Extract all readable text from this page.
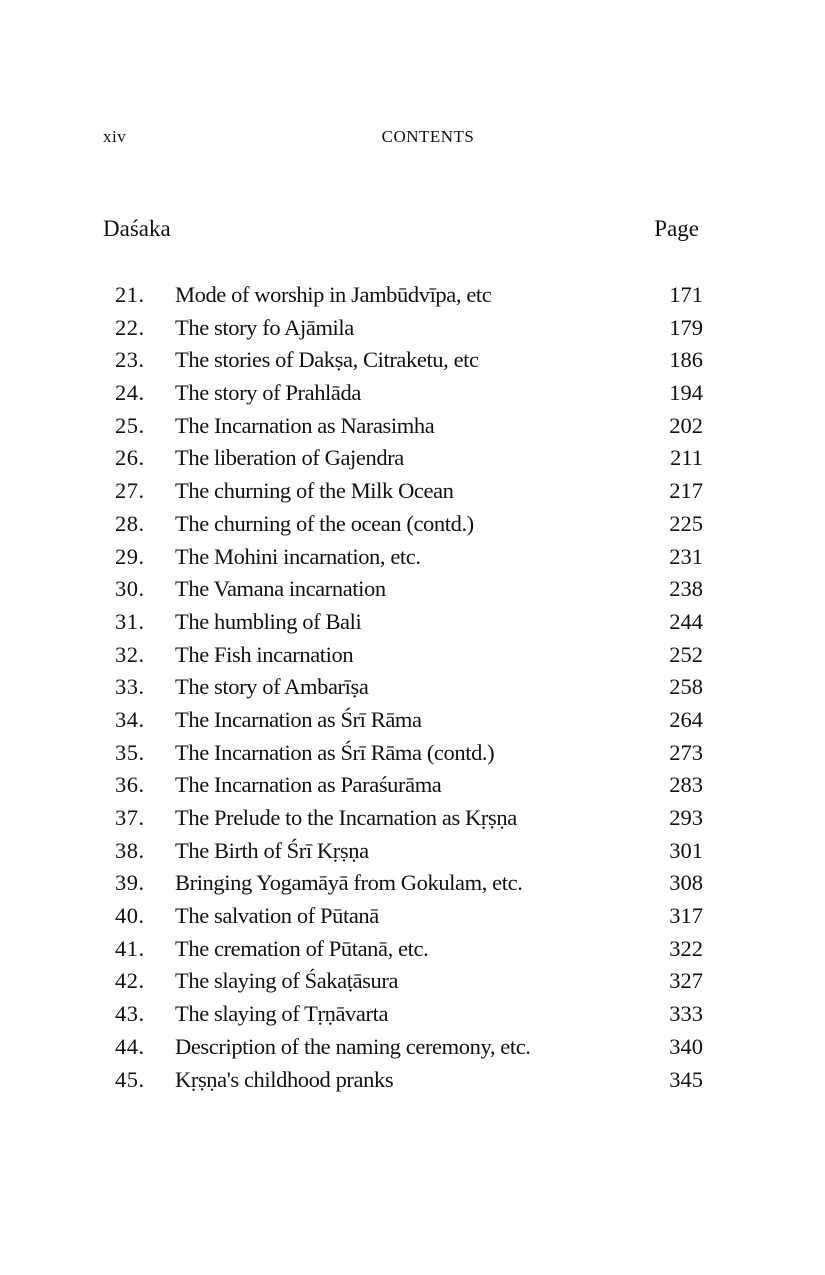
xiv	CONTENTS
Daśaka	Page
21.	Mode of worship in Jambūdvīpa, etc	171
22.	The story fo Ajāmila	179
23.	The stories of Dakṣa, Citraketu, etc	186
24.	The story of Prahlāda	194
25.	The Incarnation as Narasimha	202
26.	The liberation of Gajendra	211
27.	The churning of the Milk Ocean	217
28.	The churning of the ocean (contd.)	225
29.	The Mohini incarnation, etc.	231
30.	The Vamana incarnation	238
31.	The humbling of Bali	244
32.	The Fish incarnation	252
33.	The story of Ambarīṣa	258
34.	The Incarnation as Śrī Rāma	264
35.	The Incarnation as Śrī Rāma (contd.)	273
36.	The Incarnation as Paraśurāma	283
37.	The Prelude to the Incarnation as Kṛṣṇa	293
38.	The Birth of Śrī Kṛṣṇa	301
39.	Bringing Yogamāyā from Gokulam, etc.	308
40.	The salvation of Pūtanā	317
41.	The cremation of Pūtanā, etc.	322
42.	The slaying of Śakaṭāsura	327
43.	The slaying of Tṛṇāvarta	333
44.	Description of the naming ceremony, etc.	340
45.	Kṛṣṇa's childhood pranks	345
